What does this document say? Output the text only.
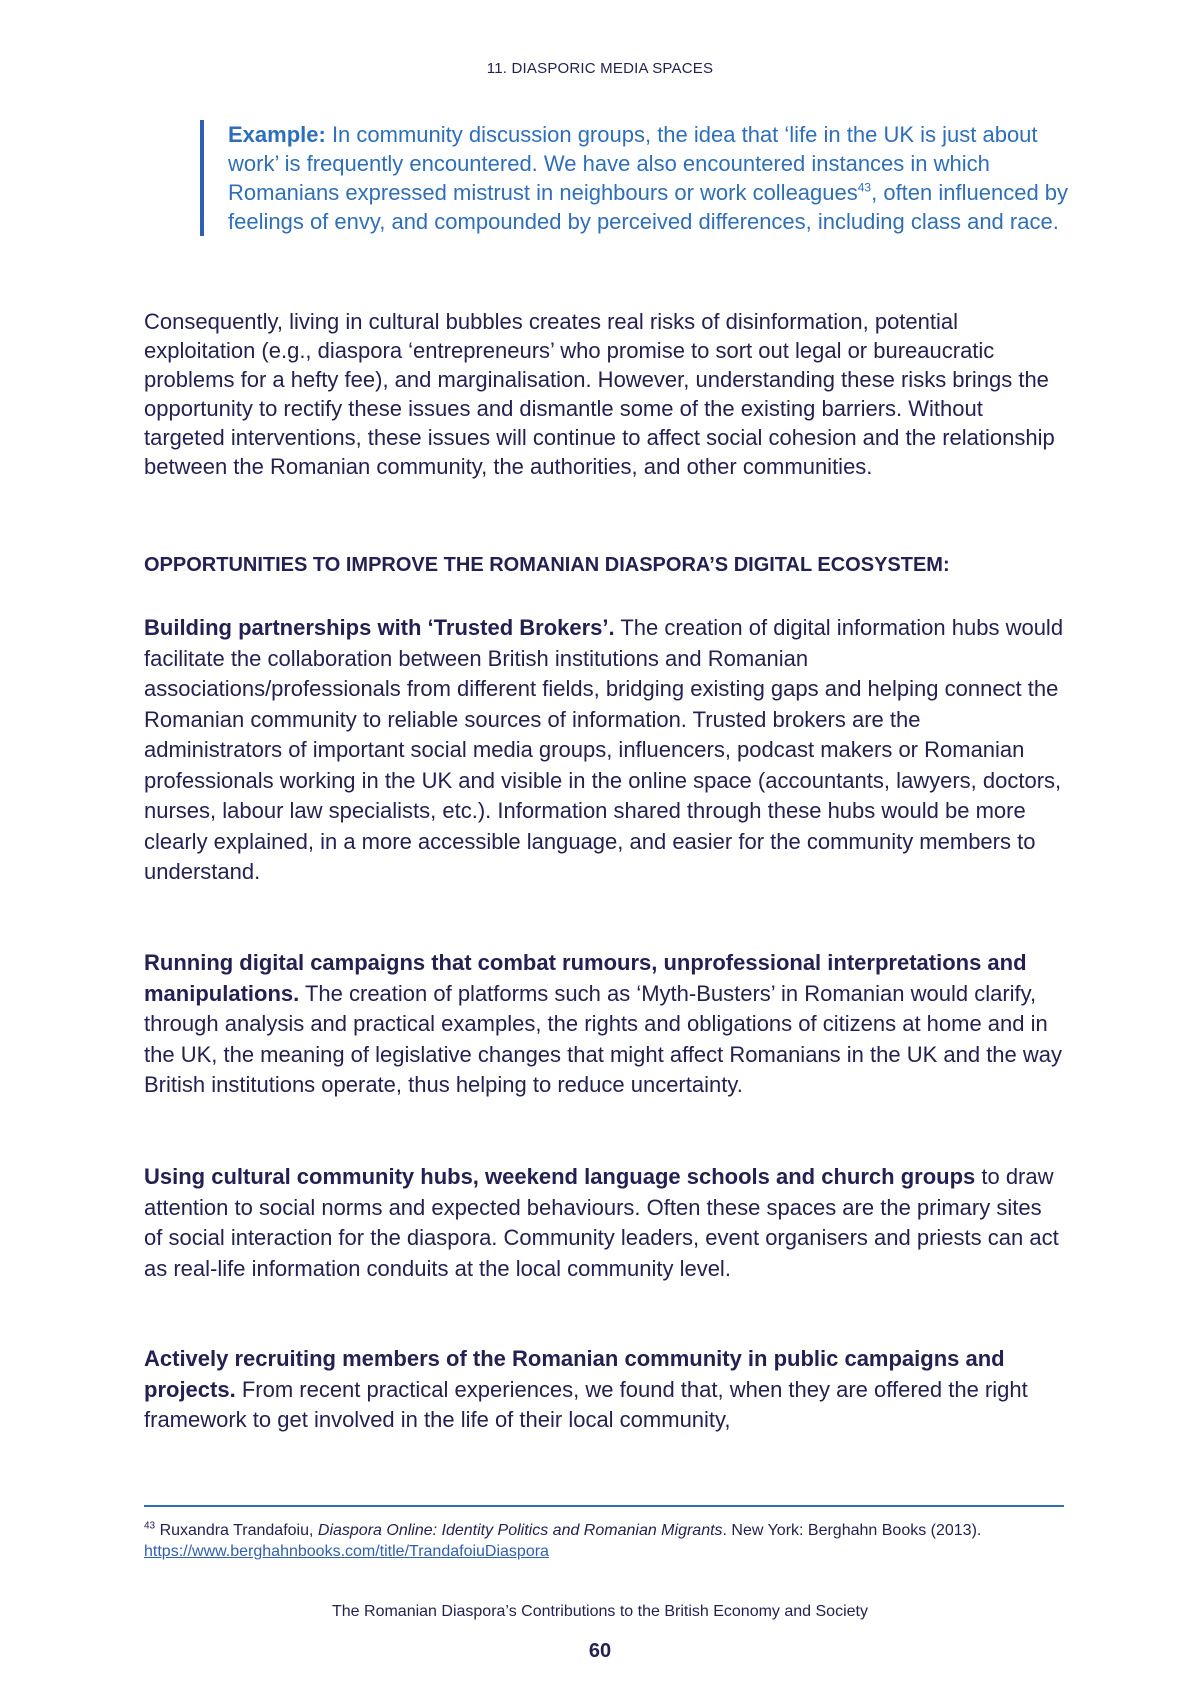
11. DIASPORIC MEDIA SPACES
Example: In community discussion groups, the idea that ‘life in the UK is just about work’ is frequently encountered. We have also encountered instances in which Romanians expressed mistrust in neighbours or work colleagues$^{43}$, often influenced by feelings of envy, and compounded by perceived differences, including class and race.
Consequently, living in cultural bubbles creates real risks of disinformation, potential exploitation (e.g., diaspora ‘entrepreneurs’ who promise to sort out legal or bureaucratic problems for a hefty fee), and marginalisation. However, understanding these risks brings the opportunity to rectify these issues and dismantle some of the existing barriers. Without targeted interventions, these issues will continue to affect social cohesion and the relationship between the Romanian community, the authorities, and other communities.
OPPORTUNITIES TO IMPROVE THE ROMANIAN DIASPORA’S DIGITAL ECOSYSTEM:
Building partnerships with ‘Trusted Brokers’. The creation of digital information hubs would facilitate the collaboration between British institutions and Romanian associations/professionals from different fields, bridging existing gaps and helping connect the Romanian community to reliable sources of information. Trusted brokers are the administrators of important social media groups, influencers, podcast makers or Romanian professionals working in the UK and visible in the online space (accountants, lawyers, doctors, nurses, labour law specialists, etc.). Information shared through these hubs would be more clearly explained, in a more accessible language, and easier for the community members to understand.
Running digital campaigns that combat rumours, unprofessional interpretations and manipulations. The creation of platforms such as ‘Myth-Busters’ in Romanian would clarify, through analysis and practical examples, the rights and obligations of citizens at home and in the UK, the meaning of legislative changes that might affect Romanians in the UK and the way British institutions operate, thus helping to reduce uncertainty.
Using cultural community hubs, weekend language schools and church groups to draw attention to social norms and expected behaviours. Often these spaces are the primary sites of social interaction for the diaspora. Community leaders, event organisers and priests can act as real-life information conduits at the local community level.
Actively recruiting members of the Romanian community in public campaigns and projects. From recent practical experiences, we found that, when they are offered the right framework to get involved in the life of their local community,
$^{43}$ Ruxandra Trandafoiu, Diaspora Online: Identity Politics and Romanian Migrants. New York: Berghahn Books (2013). https://www.berghahnbooks.com/title/TrandafoiuDiaspora
The Romanian Diaspora’s Contributions to the British Economy and Society
60
